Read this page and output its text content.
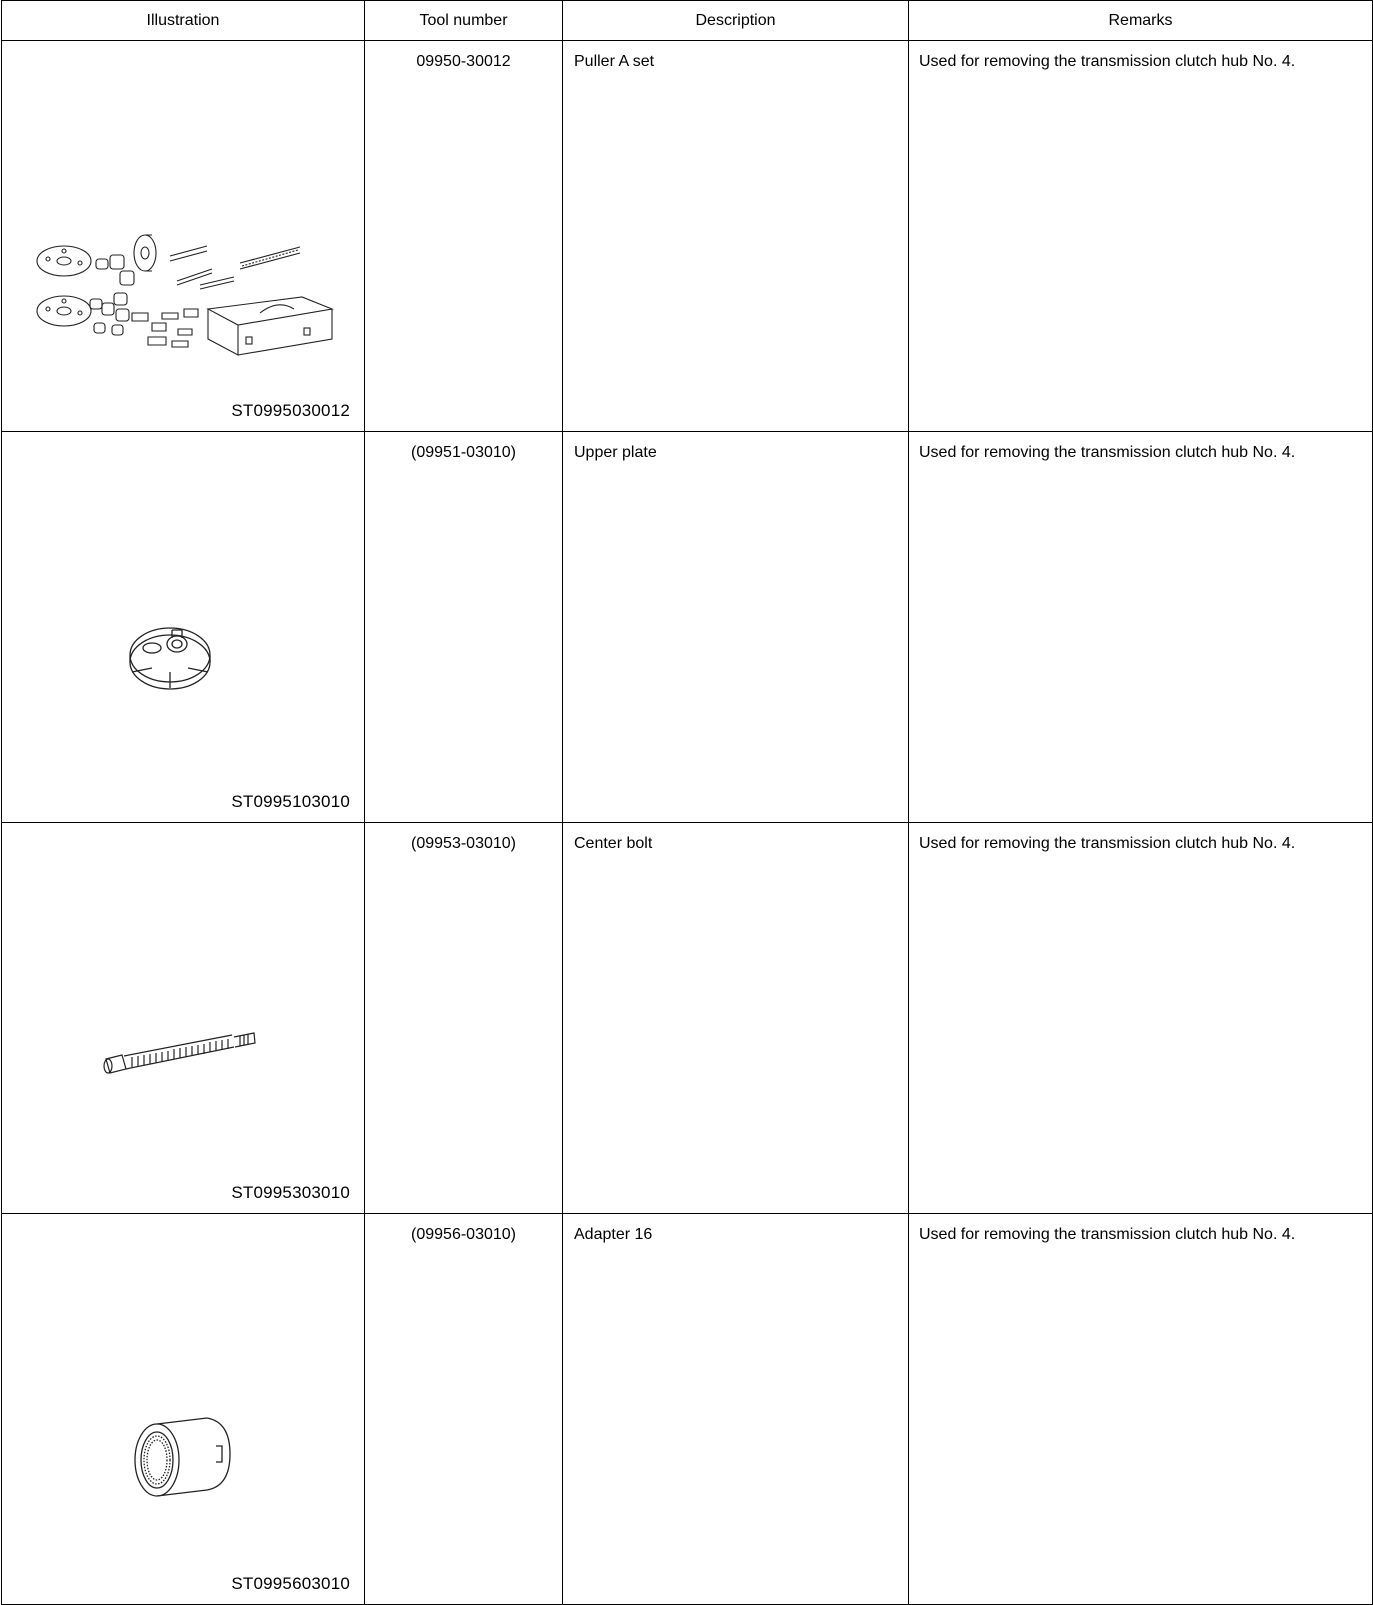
Illustration	Tool number	Description	Remarks

ST0995030012	09950-30012	Puller A set	Used for removing the transmission clutch hub No. 4.

ST0995103010	(09951-03010)	Upper plate	Used for removing the transmission clutch hub No. 4.

ST0995303010	(09953-03010)	Center bolt	Used for removing the transmission clutch hub No. 4.

ST0995603010	(09956-03010)	Adapter 16	Used for removing the transmission clutch hub No. 4.
